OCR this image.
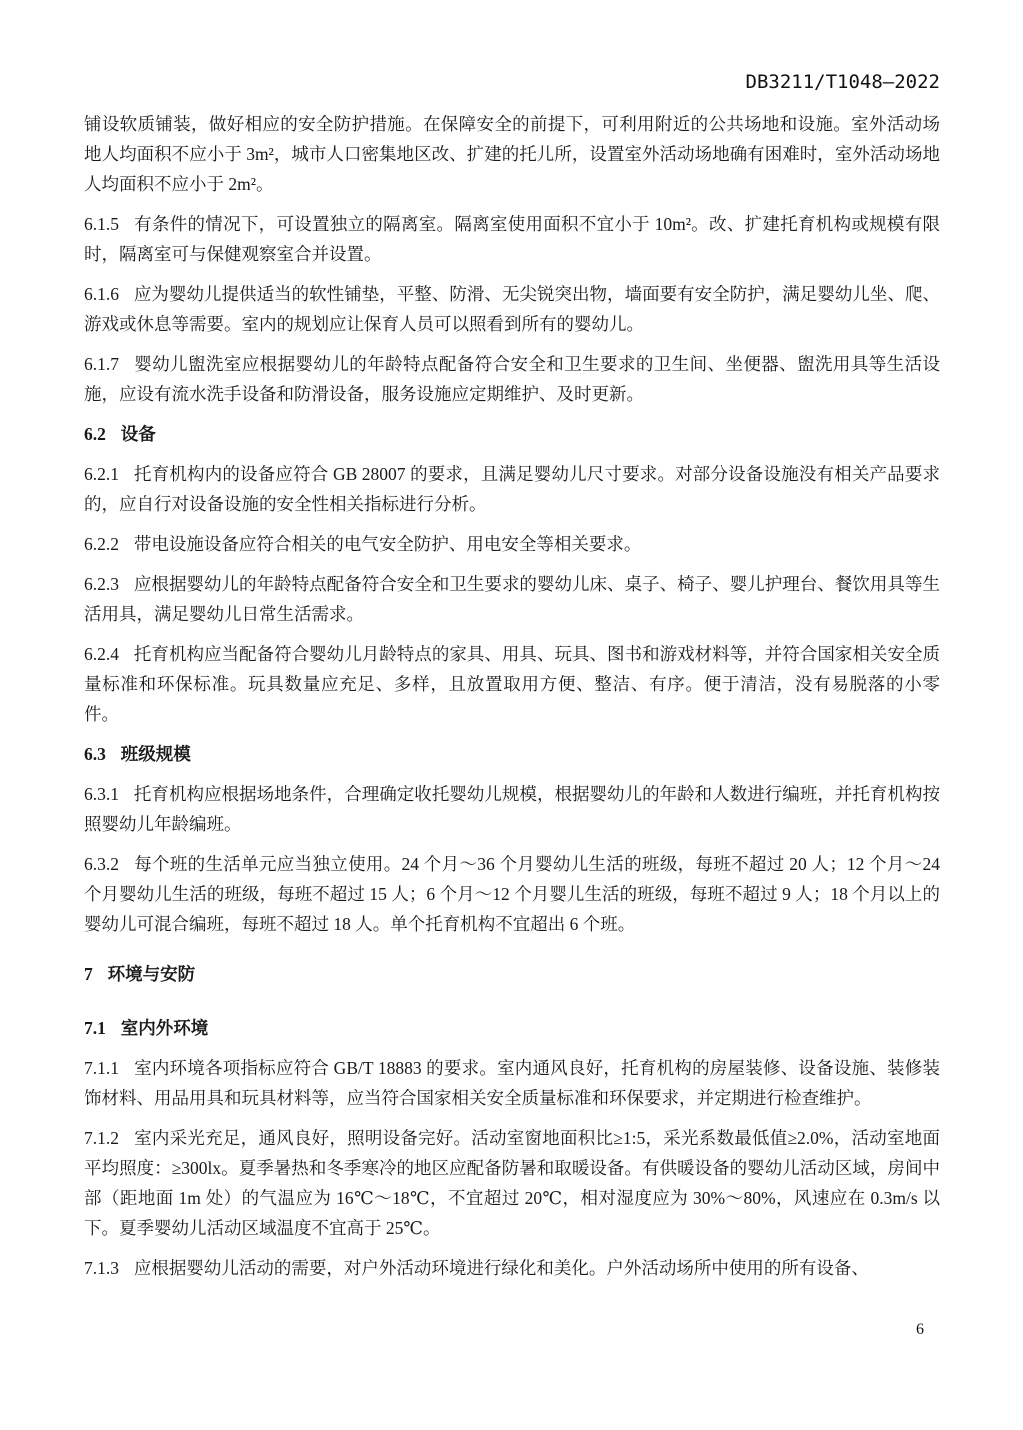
DB3211/T1048—2022

铺设软质铺装，做好相应的安全防护措施。在保障安全的前提下，可利用附近的公共场地和设施。室外活动场地人均面积不应小于 3m²，城市人口密集地区改、扩建的托儿所，设置室外活动场地确有困难时，室外活动场地人均面积不应小于 2m²。

6.1.5 有条件的情况下，可设置独立的隔离室。隔离室使用面积不宜小于 10m²。改、扩建托育机构或规模有限时，隔离室可与保健观察室合并设置。

6.1.6 应为婴幼儿提供适当的软性铺垫，平整、防滑、无尖锐突出物，墙面要有安全防护，满足婴幼儿坐、爬、游戏或休息等需要。室内的规划应让保育人员可以照看到所有的婴幼儿。

6.1.7 婴幼儿盥洗室应根据婴幼儿的年龄特点配备符合安全和卫生要求的卫生间、坐便器、盥洗用具等生活设施，应设有流水洗手设备和防滑设备，服务设施应定期维护、及时更新。

6.2 设备

6.2.1 托育机构内的设备应符合 GB 28007 的要求，且满足婴幼儿尺寸要求。对部分设备设施没有相关产品要求的，应自行对设备设施的安全性相关指标进行分析。

6.2.2 带电设施设备应符合相关的电气安全防护、用电安全等相关要求。

6.2.3 应根据婴幼儿的年龄特点配备符合安全和卫生要求的婴幼儿床、桌子、椅子、婴儿护理台、餐饮用具等生活用具，满足婴幼儿日常生活需求。

6.2.4 托育机构应当配备符合婴幼儿月龄特点的家具、用具、玩具、图书和游戏材料等，并符合国家相关安全质量标准和环保标准。玩具数量应充足、多样，且放置取用方便、整洁、有序。便于清洁，没有易脱落的小零件。

6.3 班级规模

6.3.1 托育机构应根据场地条件，合理确定收托婴幼儿规模，根据婴幼儿的年龄和人数进行编班，并托育机构按照婴幼儿年龄编班。

6.3.2 每个班的生活单元应当独立使用。24 个月～36 个月婴幼儿生活的班级，每班不超过 20 人；12 个月～24 个月婴幼儿生活的班级，每班不超过 15 人；6 个月～12 个月婴儿生活的班级，每班不超过 9 人；18 个月以上的婴幼儿可混合编班，每班不超过 18 人。单个托育机构不宜超出 6 个班。

7 环境与安防

7.1 室内外环境

7.1.1 室内环境各项指标应符合 GB/T 18883 的要求。室内通风良好，托育机构的房屋装修、设备设施、装修装饰材料、用品用具和玩具材料等，应当符合国家相关安全质量标准和环保要求，并定期进行检查维护。

7.1.2 室内采光充足，通风良好，照明设备完好。活动室窗地面积比≥1:5，采光系数最低值≥2.0%，活动室地面平均照度：≥300lx。夏季暑热和冬季寒冷的地区应配备防暑和取暖设备。有供暖设备的婴幼儿活动区域，房间中部（距地面 1m 处）的气温应为 16℃～18℃，不宜超过 20℃，相对湿度应为 30%～80%，风速应在 0.3m/s 以下。夏季婴幼儿活动区域温度不宜高于 25℃。

7.1.3 应根据婴幼儿活动的需要，对户外活动环境进行绿化和美化。户外活动场所中使用的所有设备、

6
